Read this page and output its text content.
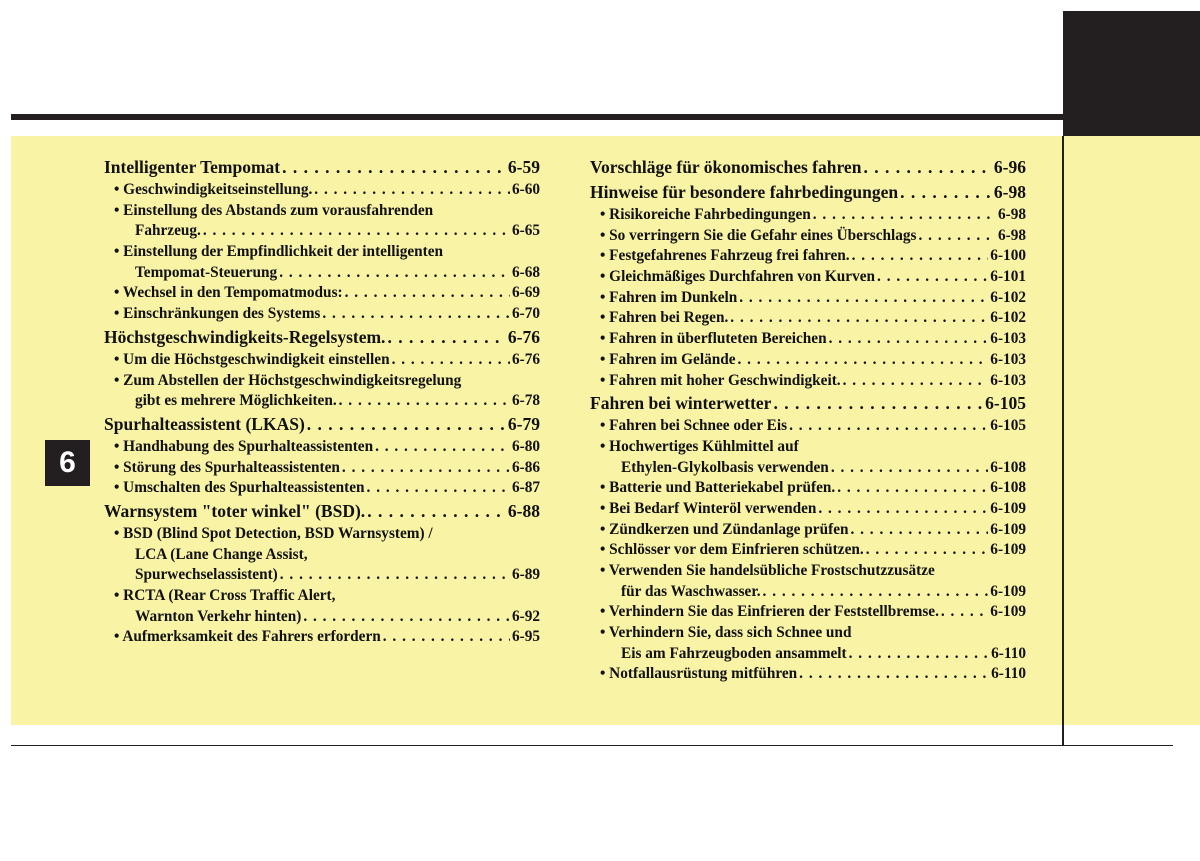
6
Intelligenter Tempomat . . .	6-59
• Geschwindigkeitseinstellung. . . .	6-60
• Einstellung des Abstands zum vorausfahrenden
Fahrzeug. . . .	6-65
• Einstellung der Empfindlichkeit der intelligenten
Tempomat-Steuerung . . .	6-68
• Wechsel in den Tempomatmodus: . . .	6-69
• Einschränkungen des Systems . . .	6-70
Höchstgeschwindigkeits-Regelsystem. . . .	6-76
• Um die Höchstgeschwindigkeit einstellen . . .	6-76
• Zum Abstellen der Höchstgeschwindigkeitsregelung
gibt es mehrere Möglichkeiten. . . .	6-78
Spurhalteassistent (LKAS) . . .	6-79
• Handhabung des Spurhalteassistenten . . .	6-80
• Störung des Spurhalteassistenten . . .	6-86
• Umschalten des Spurhalteassistenten . . .	6-87
Warnsystem "toter winkel" (BSD). . . .	6-88
• BSD (Blind Spot Detection, BSD Warnsystem) /
LCA (Lane Change Assist,
Spurwechselassistent) . . .	6-89
• RCTA (Rear Cross Traffic Alert,
Warnton Verkehr hinten) . . .	6-92
• Aufmerksamkeit des Fahrers erfordern . . .	6-95
Vorschläge für ökonomisches fahren . . .	6-96
Hinweise für besondere fahrbedingungen . . .	6-98
• Risikoreiche Fahrbedingungen . . .	6-98
• So verringern Sie die Gefahr eines Überschlags . . .	6-98
• Festgefahrenes Fahrzeug frei fahren. . . .	6-100
• Gleichmäßiges Durchfahren von Kurven . . .	6-101
• Fahren im Dunkeln . . .	6-102
• Fahren bei Regen. . . .	6-102
• Fahren in überfluteten Bereichen . . .	6-103
• Fahren im Gelände . . .	6-103
• Fahren mit hoher Geschwindigkeit. . . .	6-103
Fahren bei winterwetter . . .	6-105
• Fahren bei Schnee oder Eis . . .	6-105
• Hochwertiges Kühlmittel auf
Ethylen-Glykolbasis verwenden . . .	6-108
• Batterie und Batteriekabel prüfen. . . .	6-108
• Bei Bedarf Winteröl verwenden . . .	6-109
• Zündkerzen und Zündanlage prüfen . . .	6-109
• Schlösser vor dem Einfrieren schützen. . . .	6-109
• Verwenden Sie handelsübliche Frostschutzzusätze
für das Waschwasser. . . .	6-109
• Verhindern Sie das Einfrieren der Feststellbremse. . . .	6-109
• Verhindern Sie, dass sich Schnee und
Eis am Fahrzeugboden ansammelt . . .	6-110
• Notfallausrüstung mitführen . . .	6-110
